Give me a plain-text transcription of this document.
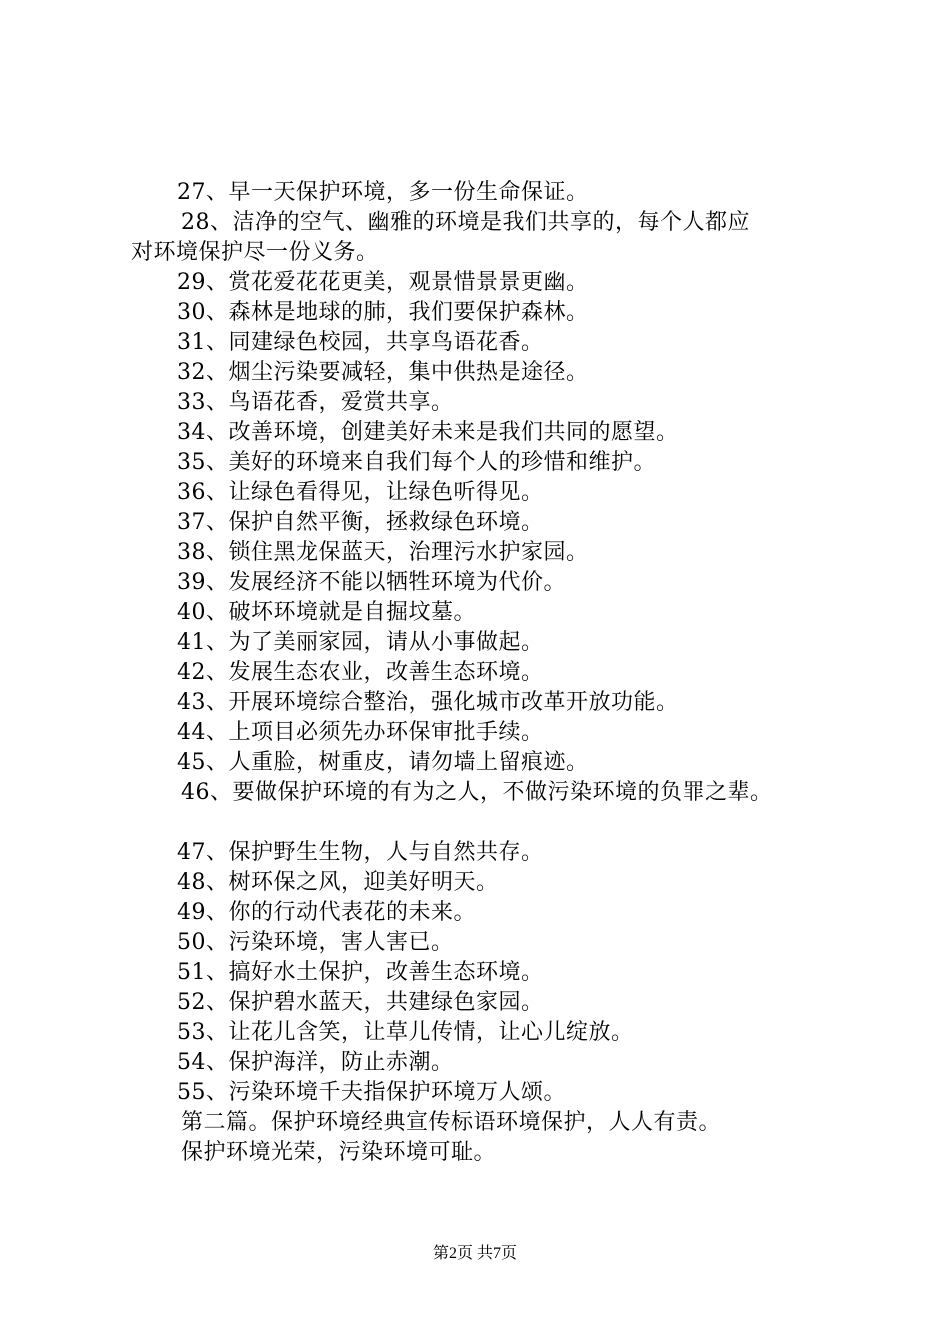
27、早一天保护环境，多一份生命保证。
28、洁净的空气、幽雅的环境是我们共享的，每个人都应
对环境保护尽一份义务。
29、赏花爱花花更美，观景惜景景更幽。
30、森林是地球的肺，我们要保护森林。
31、同建绿色校园，共享鸟语花香。
32、烟尘污染要减轻，集中供热是途径。
33、鸟语花香，爱赏共享。
34、改善环境，创建美好未来是我们共同的愿望。
35、美好的环境来自我们每个人的珍惜和维护。
36、让绿色看得见，让绿色听得见。
37、保护自然平衡，拯救绿色环境。
38、锁住黑龙保蓝天，治理污水护家园。
39、发展经济不能以牺牲环境为代价。
40、破坏环境就是自掘坟墓。
41、为了美丽家园，请从小事做起。
42、发展生态农业，改善生态环境。
43、开展环境综合整治，强化城市改革开放功能。
44、上项目必须先办环保审批手续。
45、人重脸，树重皮，请勿墙上留痕迹。
46、要做保护环境的有为之人，不做污染环境的负罪之辈。
47、保护野生生物，人与自然共存。
48、树环保之风，迎美好明天。
49、你的行动代表花的未来。
50、污染环境，害人害已。
51、搞好水土保护，改善生态环境。
52、保护碧水蓝天，共建绿色家园。
53、让花儿含笑，让草儿传情，让心儿绽放。
54、保护海洋，防止赤潮。
55、污染环境千夫指保护环境万人颂。
第二篇。保护环境经典宣传标语环境保护，人人有责。
保护环境光荣，污染环境可耻。
第2页 共7页
